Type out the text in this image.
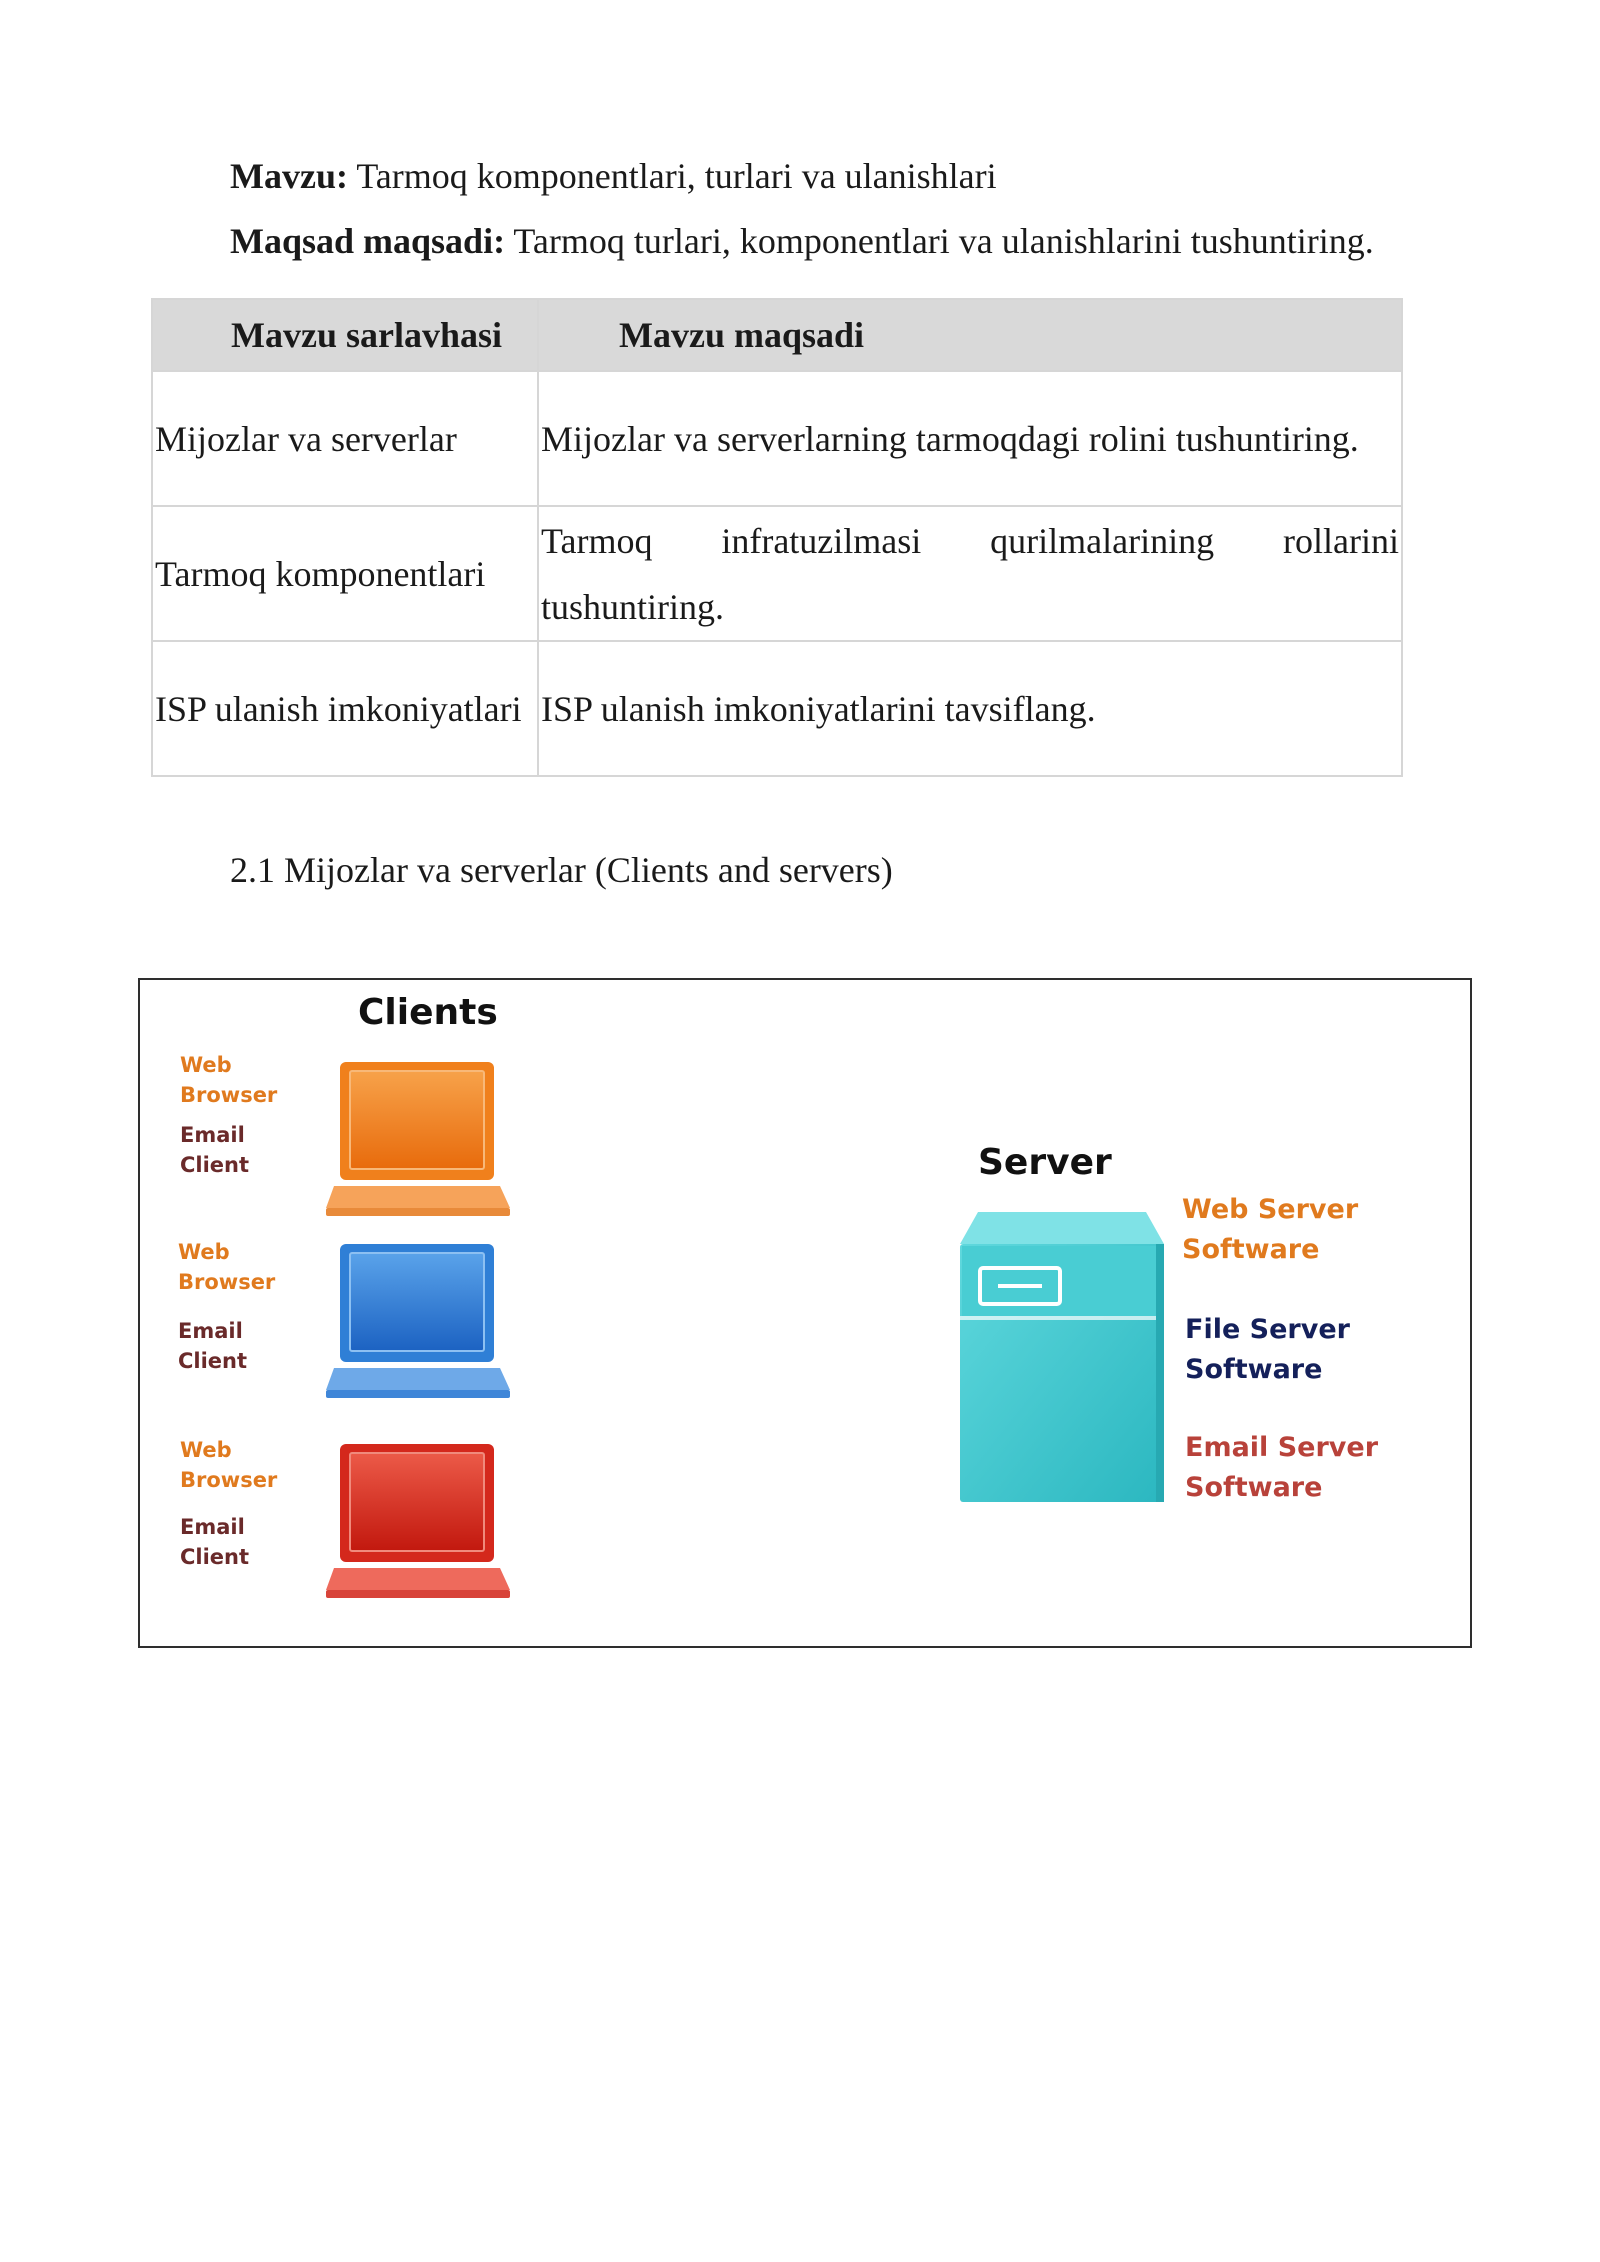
Mavzu: Tarmoq komponentlari, turlari va ulanishlari
Maqsad maqsadi: Tarmoq turlari, komponentlari va ulanishlarini tushuntiring.
Mavzu sarlavhasi	Mavzu maqsadi
Mijozlar va serverlar	Mijozlar va serverlarning tarmoqdagi rolini tushuntiring.
Tarmoq komponentlari	Tarmoq infratuzilmasi qurilmalarining rollarini tushuntiring.
ISP ulanish imkoniyatlari	ISP ulanish imkoniyatlarini tavsiflang.
2.1 Mijozlar va serverlar (Clients and servers)
Clients
Server
Web Browser
Email Client
Web Browser
Email Client
Web Browser
Email Client
Web Server Software
File Server Software
Email Server Software
